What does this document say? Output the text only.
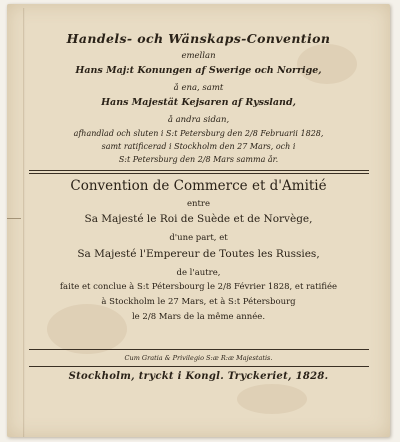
Handels- och Wänskaps-Convention
emellan
Hans Maj:t Konungen af Swerige och Norrige,
å ena, samt
Hans Majestät Kejsaren af Ryssland,
å andra sidan,
afhandlad och sluten i S:t Petersburg den 2/8 Februarii 1828,
samt ratificerad i Stockholm den 27 Mars, och i
S:t Petersburg den 2/8 Mars samma år.
Convention de Commerce et d'Amitié
entre
Sa Majesté le Roi de Suède et de Norvège,
d'une part, et
Sa Majesté l'Empereur de Toutes les Russies,
de l'autre,
faite et conclue à S:t Pétersbourg le 2/8 Février 1828, et ratifiée
à Stockholm le 27 Mars, et à S:t Pétersbourg
le 2/8 Mars de la même année.
Cum Gratia & Privilegio S:æ R:æ Majestatis.
Stockholm, tryckt i Kongl. Tryckeriet, 1828.
